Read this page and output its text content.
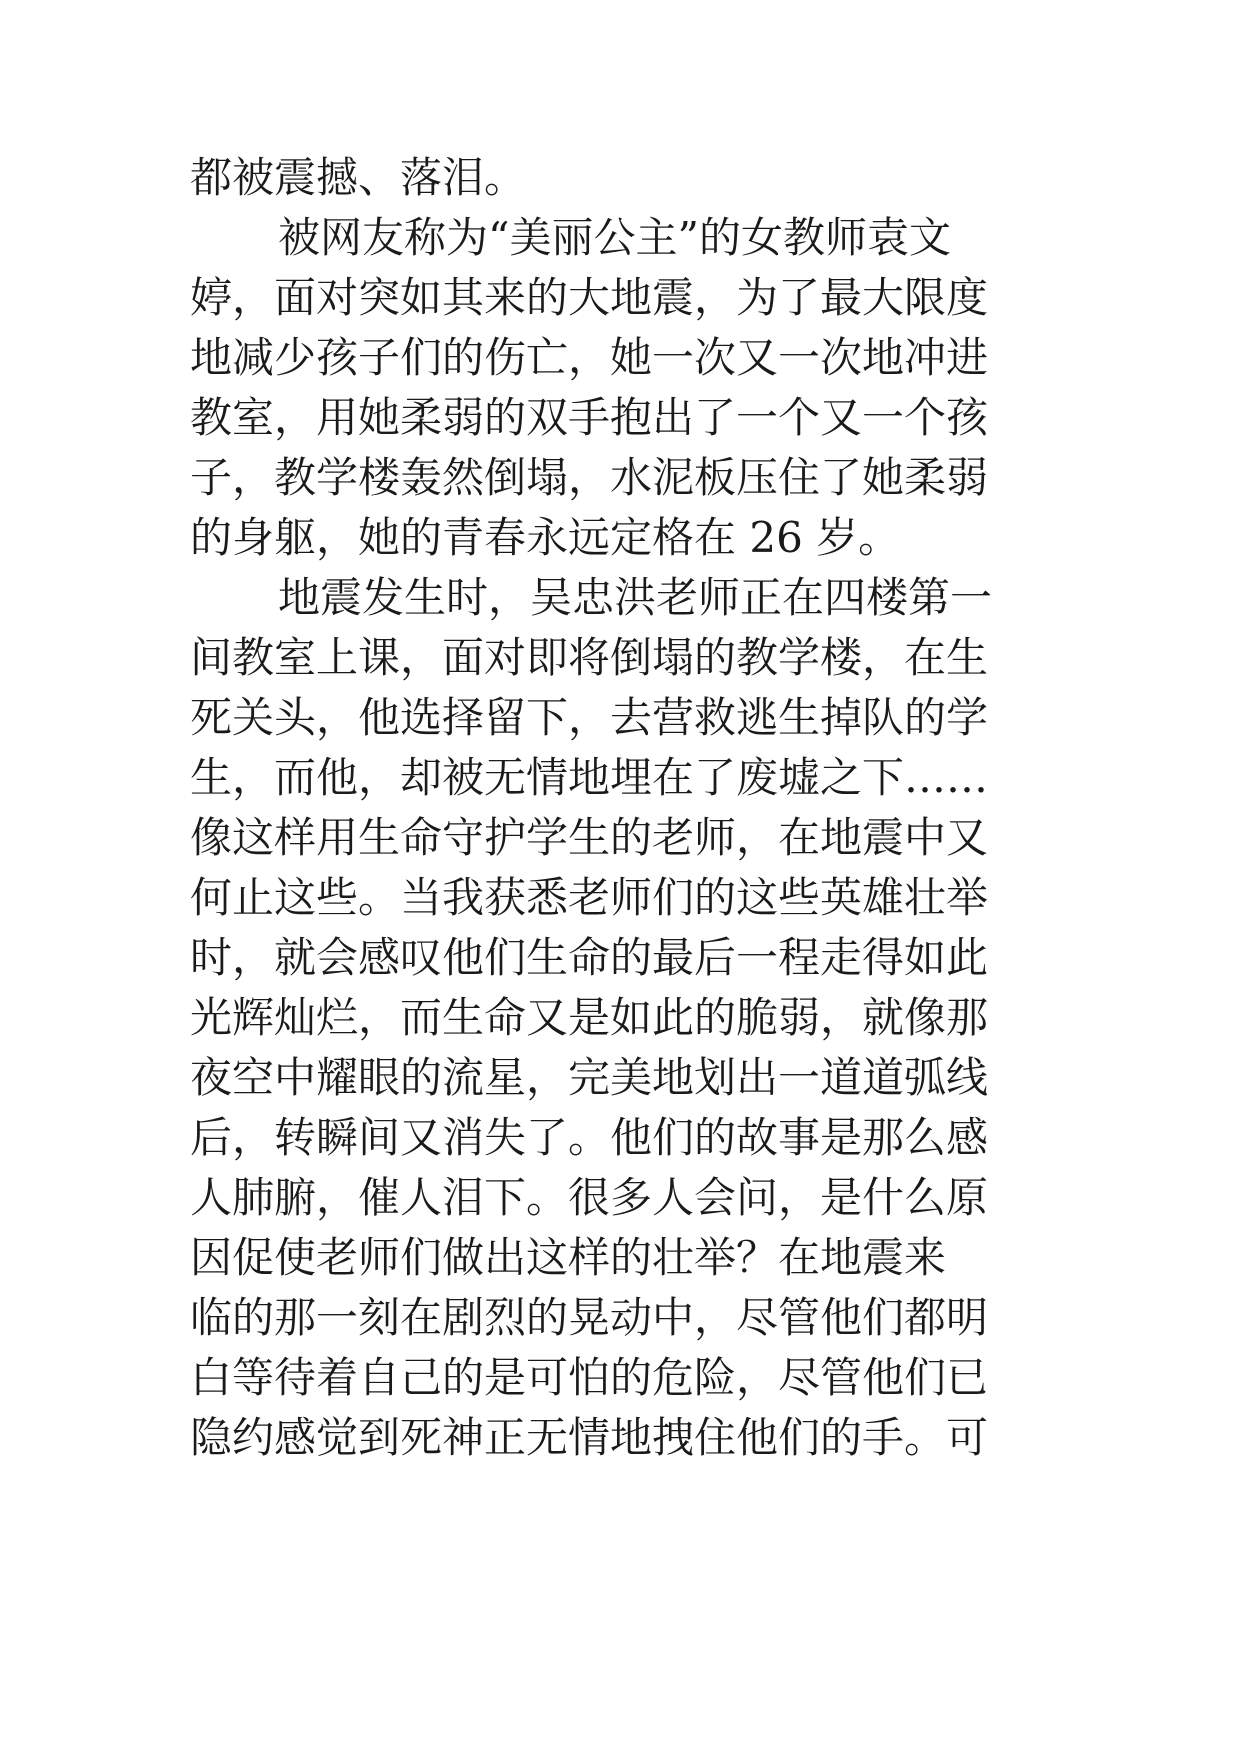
都被震撼、落泪。
被网友称为“美丽公主”的女教师袁文
婷，面对突如其来的大地震，为了最大限度
地减少孩子们的伤亡，她一次又一次地冲进
教室，用她柔弱的双手抱出了一个又一个孩
子，教学楼轰然倒塌，水泥板压住了她柔弱
的身躯，她的青春永远定格在 26 岁。
地震发生时，吴忠洪老师正在四楼第一
间教室上课，面对即将倒塌的教学楼，在生
死关头，他选择留下，去营救逃生掉队的学
生，而他，却被无情地埋在了废墟之下……
像这样用生命守护学生的老师，在地震中又
何止这些。当我获悉老师们的这些英雄壮举
时，就会感叹他们生命的最后一程走得如此
光辉灿烂，而生命又是如此的脆弱，就像那
夜空中耀眼的流星，完美地划出一道道弧线
后，转瞬间又消失了。他们的故事是那么感
人肺腑，催人泪下。很多人会问，是什么原
因促使老师们做出这样的壮举？在地震来
临的那一刻在剧烈的晃动中，尽管他们都明
白等待着自己的是可怕的危险，尽管他们已
隐约感觉到死神正无情地拽住他们的手。可
